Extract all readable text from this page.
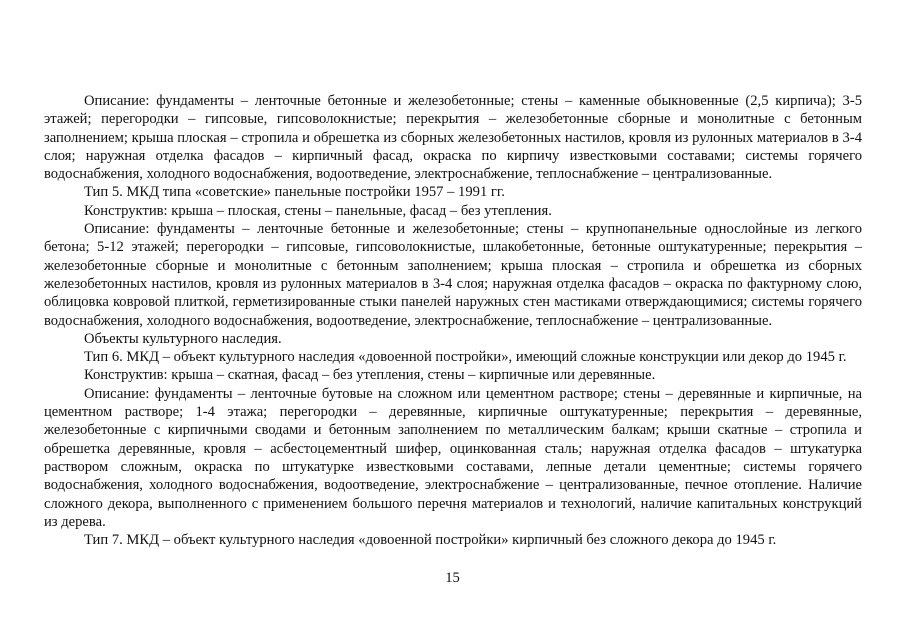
Описание: фундаменты – ленточные бетонные и железобетонные; стены – каменные обыкновенные (2,5 кирпича); 3-5 этажей; перегородки – гипсовые, гипсоволокнистые; перекрытия – железобетонные сборные и монолитные с бетонным заполнением; крыша плоская – стропила и обрешетка из сборных железобетонных настилов, кровля из рулонных материалов в 3-4 слоя; наружная отделка фасадов – кирпичный фасад, окраска по кирпичу известковыми составами; системы горячего водоснабжения, холодного водоснабжения, водоотведение, электроснабжение, теплоснабжение – централизованные.

Тип 5. МКД типа «советские» панельные постройки 1957 – 1991 гг.

Конструктив: крыша – плоская, стены – панельные, фасад – без утепления.

Описание: фундаменты – ленточные бетонные и железобетонные; стены – крупнопанельные однослойные из легкого бетона; 5-12 этажей; перегородки – гипсовые, гипсоволокнистые, шлакобетонные, бетонные оштукатуренные; перекрытия – железобетонные сборные и монолитные с бетонным заполнением; крыша плоская – стропила и обрешетка из сборных железобетонных настилов, кровля из рулонных материалов в 3-4 слоя; наружная отделка фасадов – окраска по фактурному слою, облицовка ковровой плиткой, герметизированные стыки панелей наружных стен мастиками отверждающимися; системы горячего водоснабжения, холодного водоснабжения, водоотведение, электроснабжение, теплоснабжение – централизованные.

Объекты культурного наследия.

Тип 6. МКД – объект культурного наследия «довоенной постройки», имеющий сложные конструкции или декор до 1945 г.

Конструктив: крыша – скатная, фасад – без утепления, стены – кирпичные или деревянные.

Описание: фундаменты – ленточные бутовые на сложном или цементном растворе; стены – деревянные и кирпичные, на цементном растворе; 1-4 этажа; перегородки – деревянные, кирпичные оштукатуренные; перекрытия – деревянные, железобетонные с кирпичными сводами и бетонным заполнением по металлическим балкам; крыши скатные – стропила и обрешетка деревянные, кровля – асбестоцементный шифер, оцинкованная сталь; наружная отделка фасадов – штукатурка раствором сложным, окраска по штукатурке известковыми составами, лепные детали цементные; системы горячего водоснабжения, холодного водоснабжения, водоотведение, электроснабжение – централизованные, печное отопление. Наличие сложного декора, выполненного с применением большого перечня материалов и технологий, наличие капитальных конструкций из дерева.

Тип 7. МКД – объект культурного наследия «довоенной постройки» кирпичный без сложного декора до 1945 г.

15
